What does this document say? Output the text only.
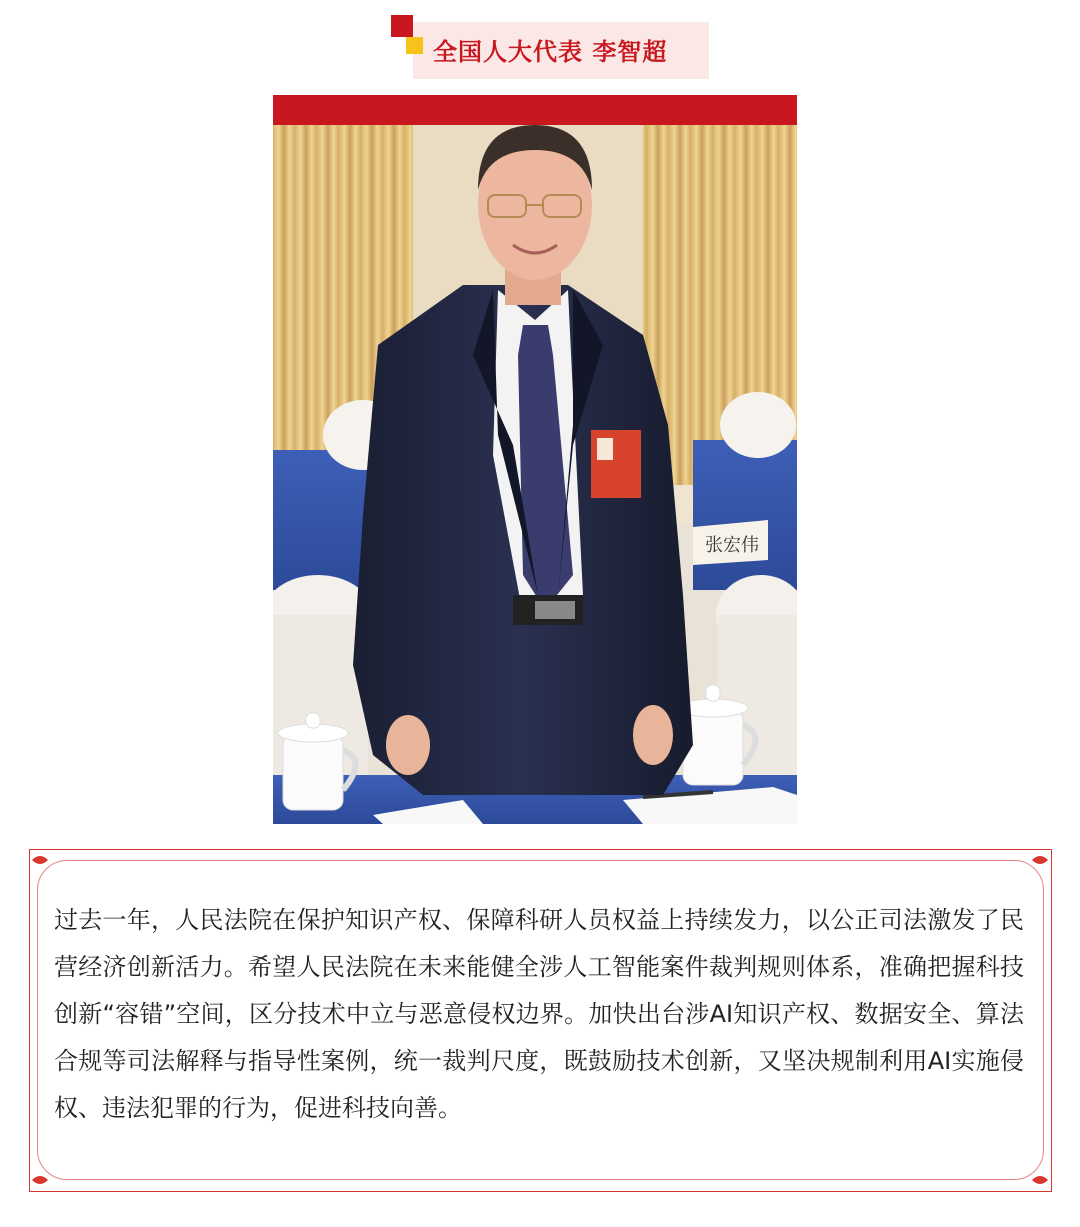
全国人大代表 李智超
张宏伟
过去一年，人民法院在保护知识产权、保障科研人员权益上持续发力，以公正司法激发了民营经济创新活力。希望人民法院在未来能健全涉人工智能案件裁判规则体系，准确把握科技创新“容错”空间，区分技术中立与恶意侵权边界。加快出台涉AI知识产权、数据安全、算法合规等司法解释与指导性案例，统一裁判尺度，既鼓励技术创新，又坚决规制利用AI实施侵权、违法犯罪的行为，促进科技向善。
